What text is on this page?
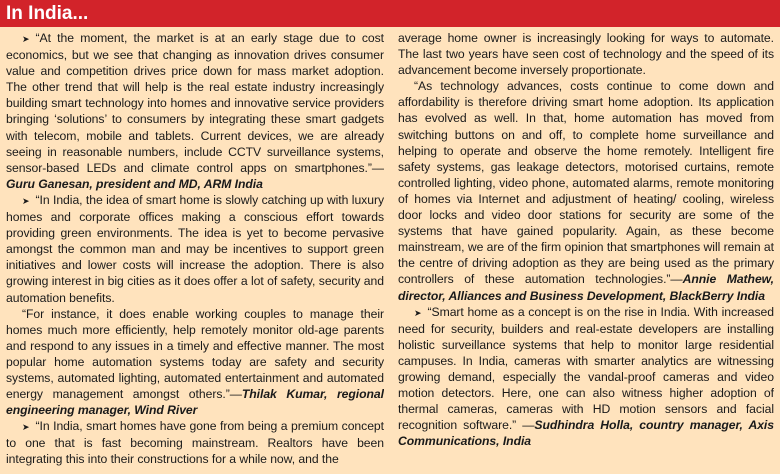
In India...

➤ “At the moment, the market is at an early stage due to cost economics, but we see that changing as innovation drives consumer value and competition drives price down for mass market adoption. The other trend that will help is the real estate industry increasingly building smart technology into homes and innovative service providers bringing ‘solutions’ to consumers by integrating these smart gadgets with telecom, mobile and tablets. Current devices, we are already seeing in reasonable numbers, include CCTV surveillance systems, sensor-based LEDs and climate control apps on smartphones.”—Guru Ganesan, president and MD, ARM India

➤ “In India, the idea of smart home is slowly catching up with luxury homes and corporate offices making a conscious effort towards providing green environments. The idea is yet to become pervasive amongst the common man and may be incentives to support green initiatives and lower costs will increase the adoption. There is also growing interest in big cities as it does offer a lot of safety, security and automation benefits.

“For instance, it does enable working couples to manage their homes much more efficiently, help remotely monitor old-age parents and respond to any issues in a timely and effective manner. The most popular home automation systems today are safety and security systems, automated lighting, automated entertainment and automated energy management amongst others.”—Thilak Kumar, regional engineering manager, Wind River

➤ “In India, smart homes have gone from being a premium concept to one that is fast becoming mainstream. Realtors have been integrating this into their constructions for a while now, and the

average home owner is increasingly looking for ways to automate. The last two years have seen cost of technology and the speed of its advancement become inversely proportionate.

“As technology advances, costs continue to come down and affordability is therefore driving smart home adoption. Its application has evolved as well. In that, home automation has moved from switching buttons on and off, to complete home surveillance and helping to operate and observe the home remotely. Intelligent fire safety systems, gas leakage detectors, motorised curtains, remote controlled lighting, video phone, automated alarms, remote monitoring of homes via Internet and adjustment of heating/ cooling, wireless door locks and video door stations for security are some of the systems that have gained popularity. Again, as these become mainstream, we are of the firm opinion that smartphones will remain at the centre of driving adoption as they are being used as the primary controllers of these automation technologies.”—Annie Mathew, director, Alliances and Business Development, BlackBerry India

➤ “Smart home as a concept is on the rise in India. With increased need for security, builders and real-estate developers are installing holistic surveillance systems that help to monitor large residential campuses. In India, cameras with smarter analytics are witnessing growing demand, especially the vandal-proof cameras and video motion detectors. Here, one can also witness higher adoption of thermal cameras, cameras with HD motion sensors and facial recognition software.” —Sudhindra Holla, country manager, Axis Communications, India
